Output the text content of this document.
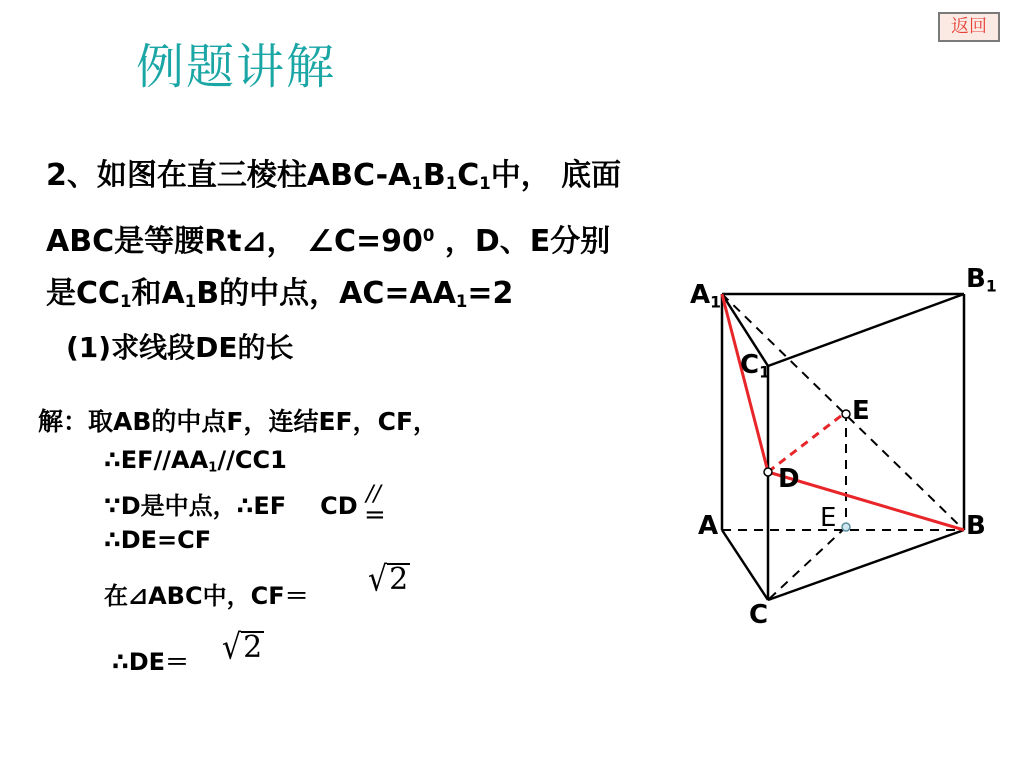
返回
例题讲解
2、如图在直三棱柱ABC-$A_1B_1C_1$中， 底面
ABC是等腰Rt⊿， $\angle C=90^0$ ，D、E分别
是$CC_1$和$A_1B$的中点，$AC=AA_1=2$
(1)求线段DE的长
解：取AB的中点F，连结EF，CF，
$\therefore EF//AA_1//CC1$
∵D是中点，∴EF CD //
=
∴DE=CF
在⊿ABC中，CF＝ √2
∴DE＝ √2
$A_1$
$B_1$
$C_1$
A	B
C
D
E
E
